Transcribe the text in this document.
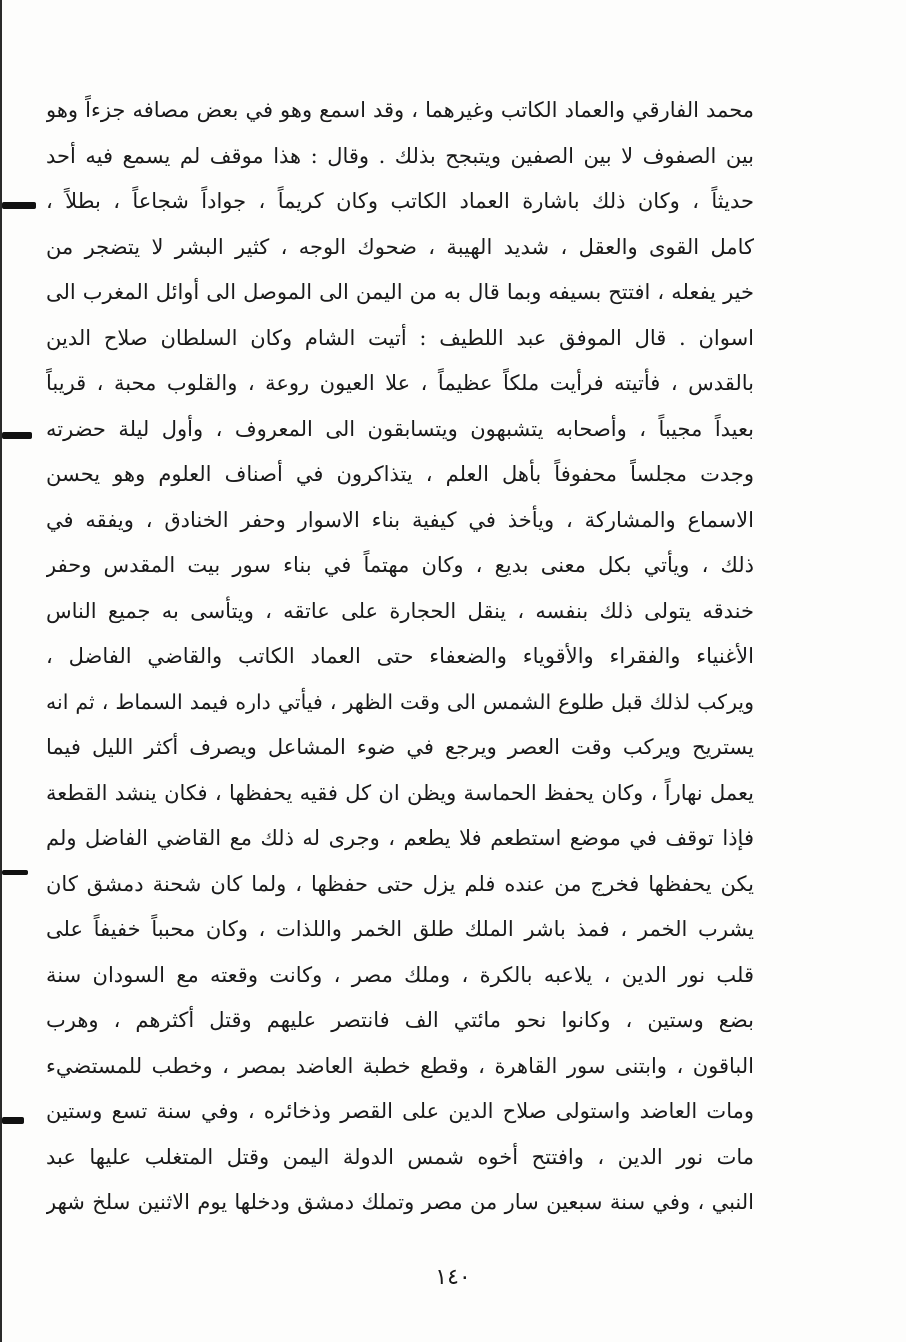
محمد الفارقي والعماد الكاتب وغيرهما ، وقد اسمع وهو في بعض مصافه جزءاً وهو
بين الصفوف لا بين الصفين ويتبجح بذلك . وقال : هذا موقف لم يسمع فيه أحد
حديثاً ، وكان ذلك باشارة العماد الكاتب وكان كريماً ، جواداً شجاعاً ، بطلاً ،
كامل القوى والعقل ، شديد الهيبة ، ضحوك الوجه ، كثير البشر لا يتضجر من
خير يفعله ، افتتح بسيفه وبما قال به من اليمن الى الموصل الى أوائل المغرب الى
اسوان . قال الموفق عبد اللطيف : أتيت الشام وكان السلطان صلاح الدين
بالقدس ، فأتيته فرأيت ملكاً عظيماً ، علا العيون روعة ، والقلوب محبة ، قريباً
بعيداً مجيباً ، وأصحابه يتشبهون ويتسابقون الى المعروف ، وأول ليلة حضرته
وجدت مجلساً محفوفاً بأهل العلم ، يتذاكرون في أصناف العلوم وهو يحسن
الاسماع والمشاركة ، ويأخذ في كيفية بناء الاسوار وحفر الخنادق ، ويفقه في
ذلك ، ويأتي بكل معنى بديع ، وكان مهتماً في بناء سور بيت المقدس وحفر
خندقه يتولى ذلك بنفسه ، ينقل الحجارة على عاتقه ، ويتأسى به جميع الناس
الأغنياء والفقراء والأقوياء والضعفاء حتى العماد الكاتب والقاضي الفاضل ،
ويركب لذلك قبل طلوع الشمس الى وقت الظهر ، فيأتي داره فيمد السماط ، ثم انه
يستريح ويركب وقت العصر ويرجع في ضوء المشاعل ويصرف أكثر الليل فيما
يعمل نهاراً ، وكان يحفظ الحماسة ويظن ان كل فقيه يحفظها ، فكان ينشد القطعة
فإذا توقف في موضع استطعم فلا يطعم ، وجرى له ذلك مع القاضي الفاضل ولم
يكن يحفظها فخرج من عنده فلم يزل حتى حفظها ، ولما كان شحنة دمشق كان
يشرب الخمر ، فمذ باشر الملك طلق الخمر واللذات ، وكان محبباً خفيفاً على
قلب نور الدين ، يلاعبه بالكرة ، وملك مصر ، وكانت وقعته مع السودان سنة
بضع وستين ، وكانوا نحو مائتي الف فانتصر عليهم وقتل أكثرهم ، وهرب
الباقون ، وابتنى سور القاهرة ، وقطع خطبة العاضد بمصر ، وخطب للمستضيء
ومات العاضد واستولى صلاح الدين على القصر وذخائره ، وفي سنة تسع وستين
مات نور الدين ، وافتتح أخوه شمس الدولة اليمن وقتل المتغلب عليها عبد
النبي ، وفي سنة سبعين سار من مصر وتملك دمشق ودخلها يوم الاثنين سلخ شهر
١٤٠
